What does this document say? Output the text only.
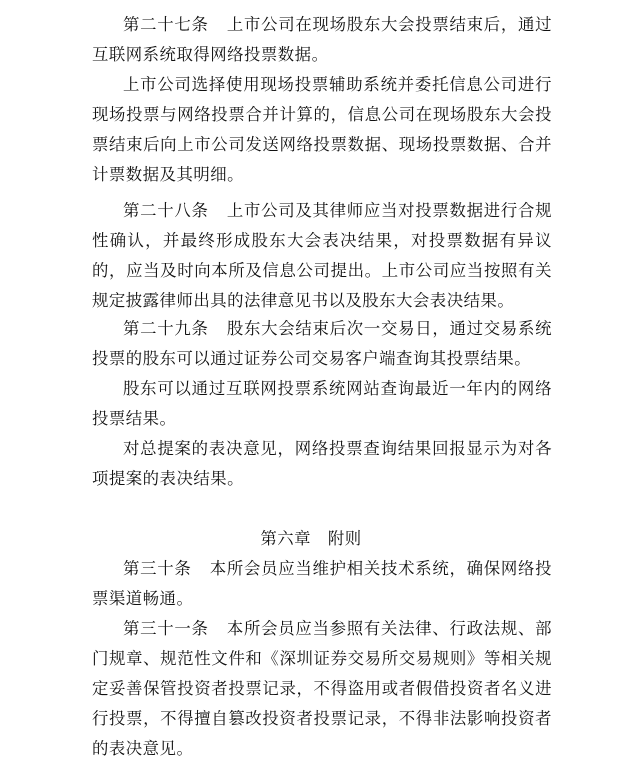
第二十七条 上市公司在现场股东大会投票结束后，通过互联网系统取得网络投票数据。

上市公司选择使用现场投票辅助系统并委托信息公司进行现场投票与网络投票合并计算的，信息公司在现场股东大会投票结束后向上市公司发送网络投票数据、现场投票数据、合并计票数据及其明细。

第二十八条 上市公司及其律师应当对投票数据进行合规性确认，并最终形成股东大会表决结果，对投票数据有异议的，应当及时向本所及信息公司提出。上市公司应当按照有关规定披露律师出具的法律意见书以及股东大会表决结果。

第二十九条 股东大会结束后次一交易日，通过交易系统投票的股东可以通过证券公司交易客户端查询其投票结果。

股东可以通过互联网投票系统网站查询最近一年内的网络投票结果。

对总提案的表决意见，网络投票查询结果回报显示为对各项提案的表决结果。

第六章　附则

第三十条 本所会员应当维护相关技术系统，确保网络投票渠道畅通。

第三十一条 本所会员应当参照有关法律、行政法规、部门规章、规范性文件和《深圳证券交易所交易规则》等相关规定妥善保管投资者投票记录，不得盗用或者假借投资者名义进行投票，不得擅自篡改投资者投票记录，不得非法影响投资者的表决意见。
